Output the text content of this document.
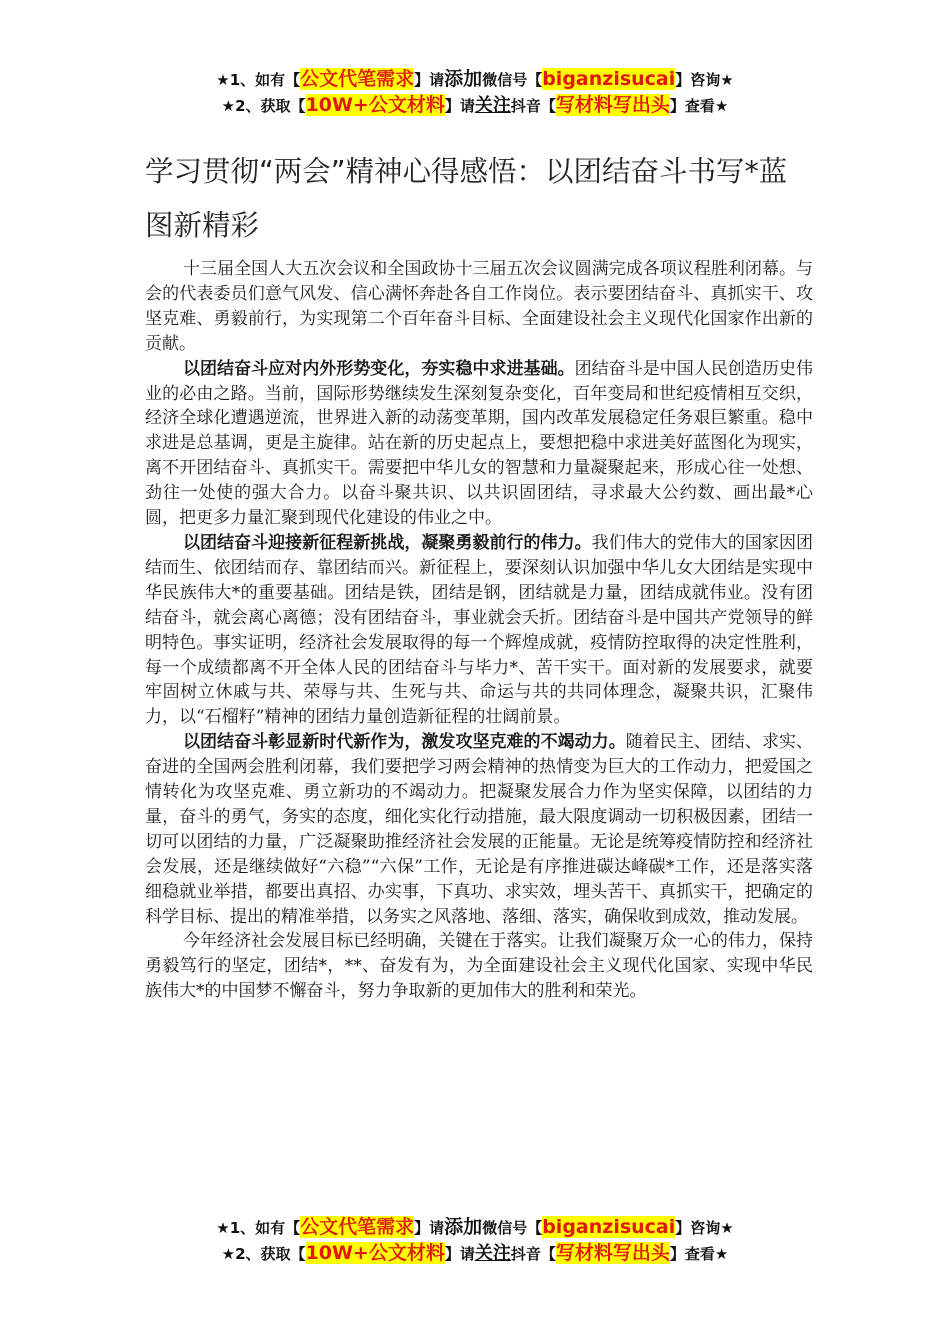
★1、如有【公文代笔需求】请添加微信号【biganzisucai】咨询★
★2、获取【10W+公文材料】请关注抖音【写材料写出头】查看★
学习贯彻“两会”精神心得感悟：以团结奋斗书写*蓝图新精彩

十三届全国人大五次会议和全国政协十三届五次会议圆满完成各项议程胜利闭幕。与会的代表委员们意气风发、信心满怀奔赴各自工作岗位。表示要团结奋斗、真抓实干、攻坚克难、勇毅前行，为实现第二个百年奋斗目标、全面建设社会主义现代化国家作出新的贡献。

以团结奋斗应对内外形势变化，夯实稳中求进基础。团结奋斗是中国人民创造历史伟业的必由之路。当前，国际形势继续发生深刻复杂变化，百年变局和世纪疫情相互交织，经济全球化遭遇逆流，世界进入新的动荡变革期，国内改革发展稳定任务艰巨繁重。稳中求进是总基调，更是主旋律。站在新的历史起点上，要想把稳中求进美好蓝图化为现实，离不开团结奋斗、真抓实干。需要把中华儿女的智慧和力量凝聚起来，形成心往一处想、劲往一处使的强大合力。以奋斗聚共识、以共识固团结，寻求最大公约数、画出最*心圆，把更多力量汇聚到现代化建设的伟业之中。

以团结奋斗迎接新征程新挑战，凝聚勇毅前行的伟力。我们伟大的党伟大的国家因团结而生、依团结而存、靠团结而兴。新征程上，要深刻认识加强中华儿女大团结是实现中华民族伟大*的重要基础。团结是铁，团结是钢，团结就是力量，团结成就伟业。没有团结奋斗，就会离心离德；没有团结奋斗，事业就会夭折。团结奋斗是中国共产党领导的鲜明特色。事实证明，经济社会发展取得的每一个辉煌成就，疫情防控取得的决定性胜利，每一个成绩都离不开全体人民的团结奋斗与毕力*、苦干实干。面对新的发展要求，就要牢固树立休戚与共、荣辱与共、生死与共、命运与共的共同体理念，凝聚共识，汇聚伟力，以“石榴籽”精神的团结力量创造新征程的壮阔前景。

以团结奋斗彰显新时代新作为，激发攻坚克难的不竭动力。随着民主、团结、求实、奋进的全国两会胜利闭幕，我们要把学习两会精神的热情变为巨大的工作动力，把爱国之情转化为攻坚克难、勇立新功的不竭动力。把凝聚发展合力作为坚实保障，以团结的力量，奋斗的勇气，务实的态度，细化实化行动措施，最大限度调动一切积极因素，团结一切可以团结的力量，广泛凝聚助推经济社会发展的正能量。无论是统筹疫情防控和经济社会发展，还是继续做好“六稳”“六保”工作，无论是有序推进碳达峰碳*工作，还是落实落细稳就业举措，都要出真招、办实事，下真功、求实效，埋头苦干、真抓实干，把确定的科学目标、提出的精准举措，以务实之风落地、落细、落实，确保收到成效，推动发展。

今年经济社会发展目标已经明确，关键在于落实。让我们凝聚万众一心的伟力，保持勇毅笃行的坚定，团结*，**、奋发有为，为全面建设社会主义现代化国家、实现中华民族伟大*的中国梦不懈奋斗，努力争取新的更加伟大的胜利和荣光。

★1、如有【公文代笔需求】请添加微信号【biganzisucai】咨询★
★2、获取【10W+公文材料】请关注抖音【写材料写出头】查看★
